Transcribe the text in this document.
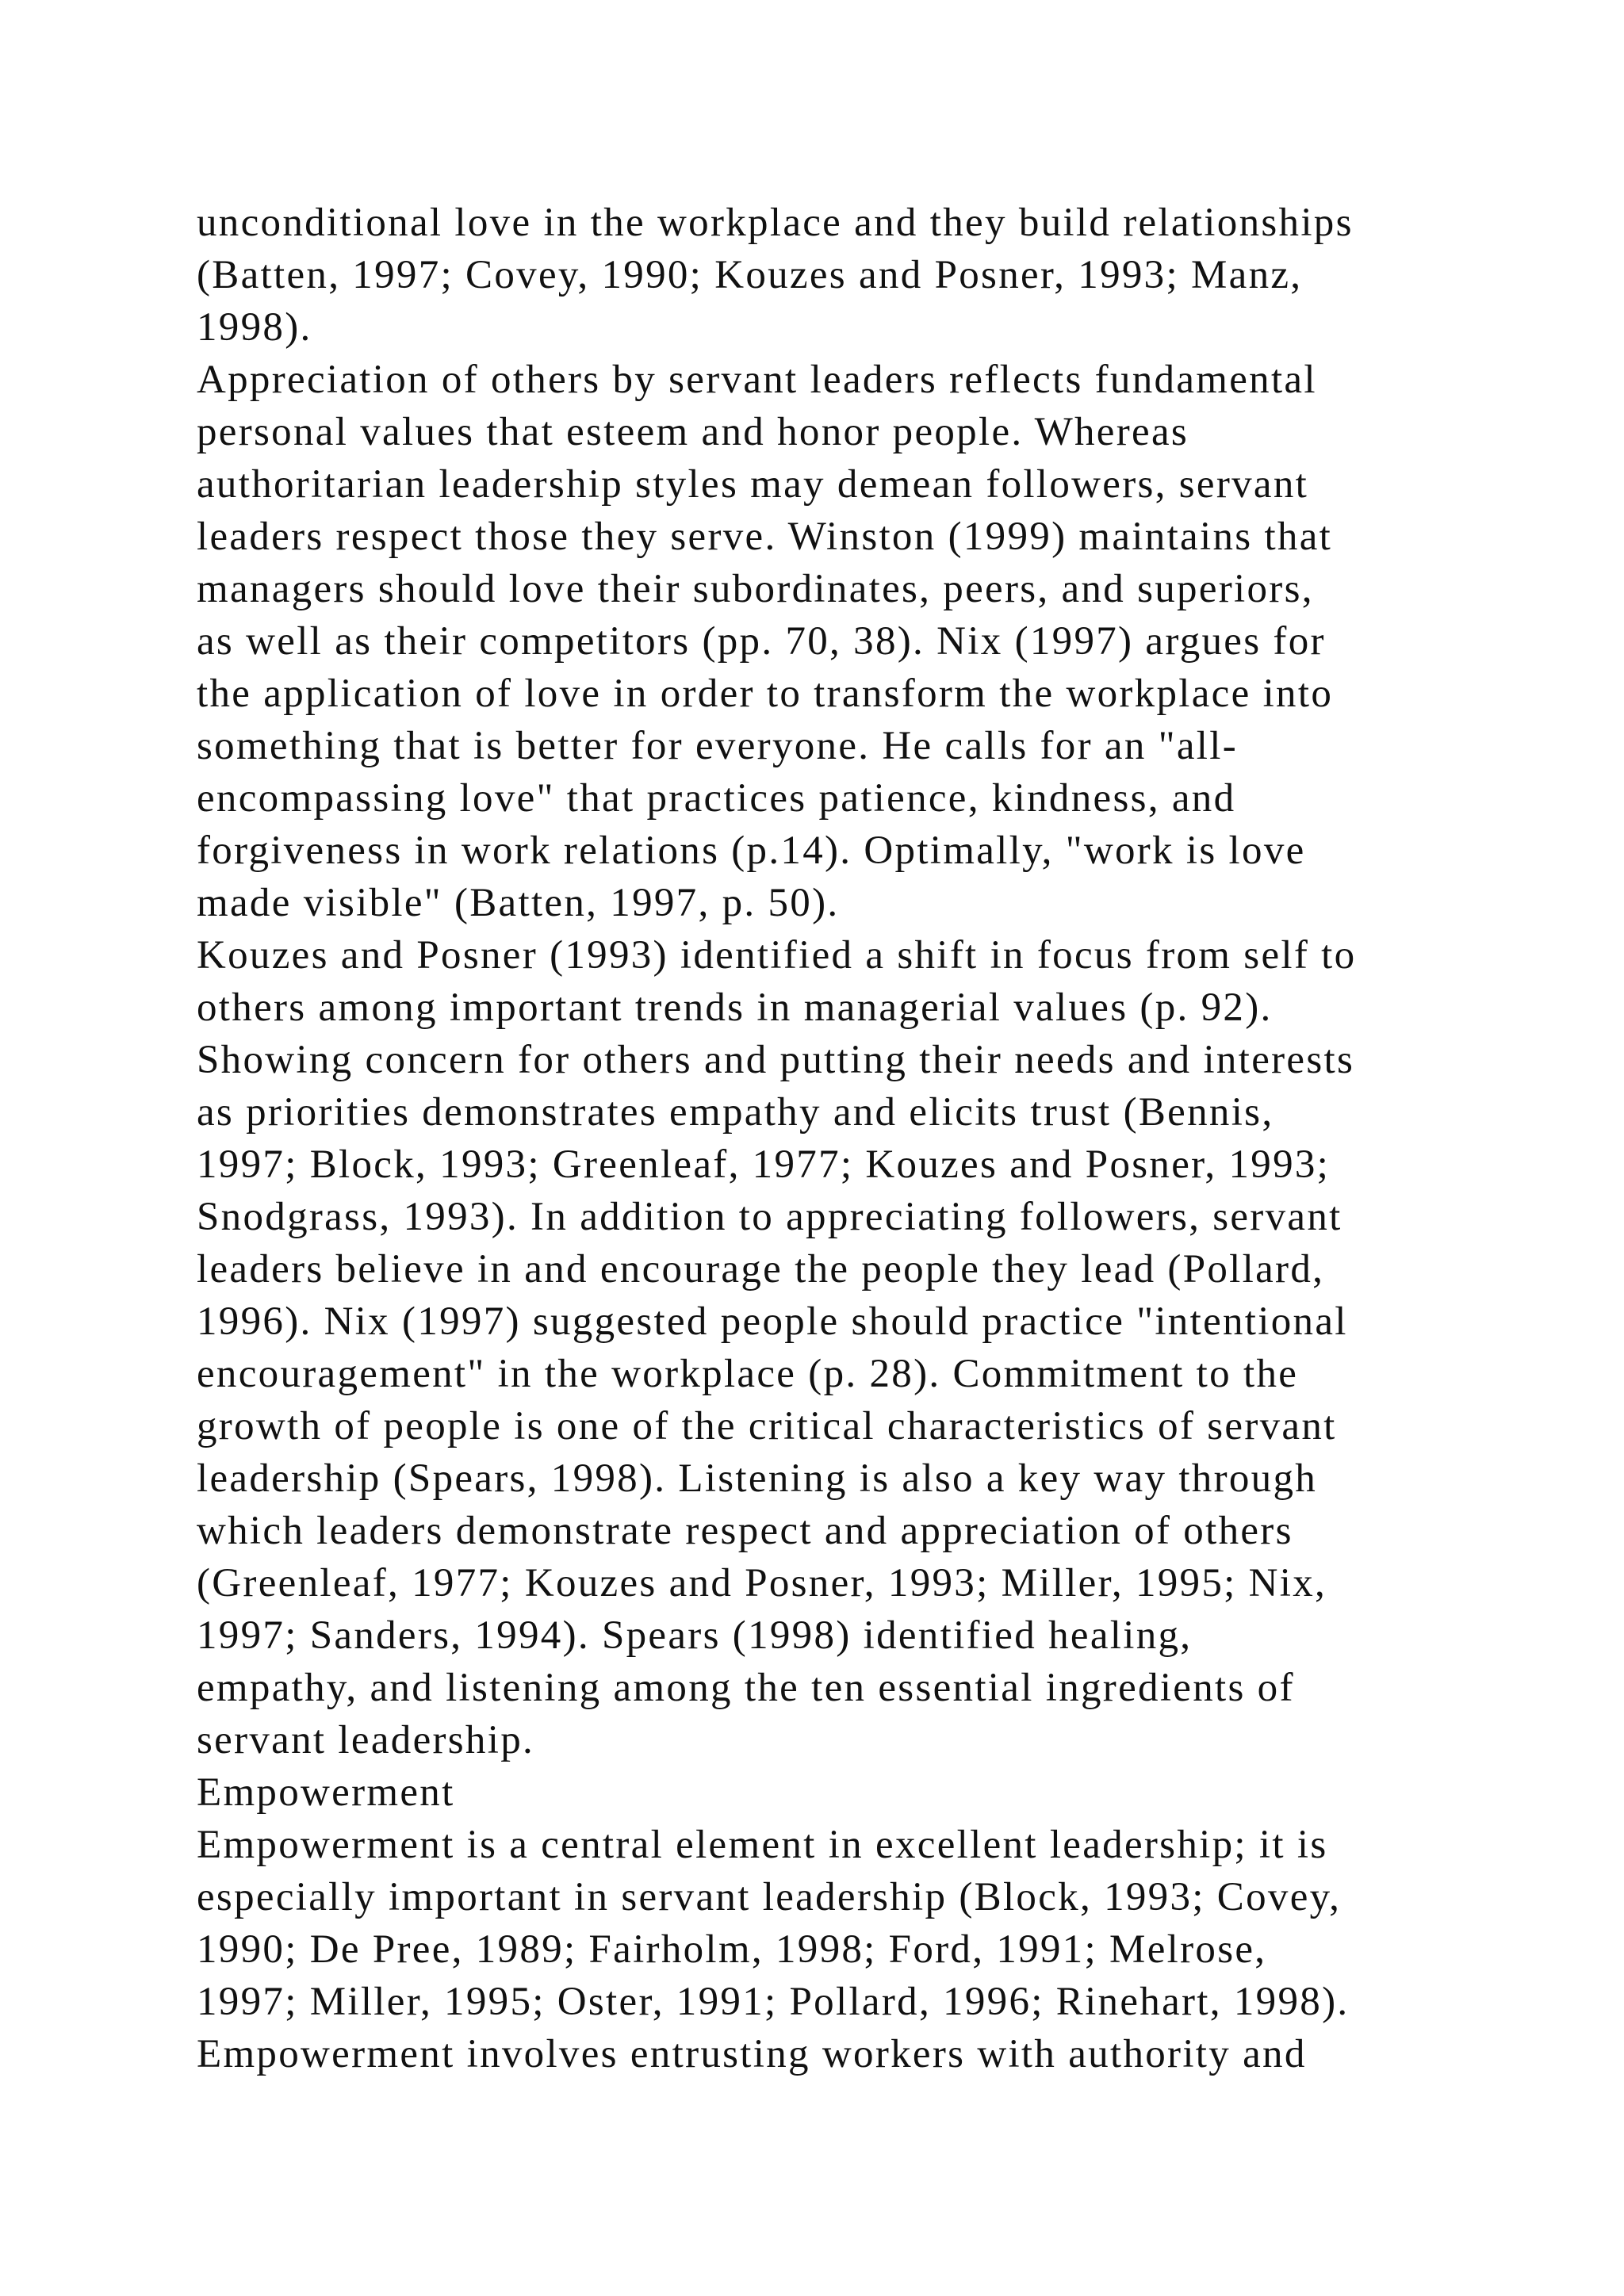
unconditional love in the workplace and they build relationships
(Batten, 1997; Covey, 1990; Kouzes and Posner, 1993; Manz,
1998).
Appreciation of others by servant leaders reflects fundamental
personal values that esteem and honor people. Whereas
authoritarian leadership styles may demean followers, servant
leaders respect those they serve. Winston (1999) maintains that
managers should love their subordinates, peers, and superiors,
as well as their competitors (pp. 70, 38). Nix (1997) argues for
the application of love in order to transform the workplace into
something that is better for everyone. He calls for an "all-
encompassing love" that practices patience, kindness, and
forgiveness in work relations (p.14). Optimally, "work is love
made visible" (Batten, 1997, p. 50).
Kouzes and Posner (1993) identified a shift in focus from self to
others among important trends in managerial values (p. 92).
Showing concern for others and putting their needs and interests
as priorities demonstrates empathy and elicits trust (Bennis,
1997; Block, 1993; Greenleaf, 1977; Kouzes and Posner, 1993;
Snodgrass, 1993). In addition to appreciating followers, servant
leaders believe in and encourage the people they lead (Pollard,
1996). Nix (1997) suggested people should practice "intentional
encouragement" in the workplace (p. 28). Commitment to the
growth of people is one of the critical characteristics of servant
leadership (Spears, 1998). Listening is also a key way through
which leaders demonstrate respect and appreciation of others
(Greenleaf, 1977; Kouzes and Posner, 1993; Miller, 1995; Nix,
1997; Sanders, 1994). Spears (1998) identified healing,
empathy, and listening among the ten essential ingredients of
servant leadership.
Empowerment
Empowerment is a central element in excellent leadership; it is
especially important in servant leadership (Block, 1993; Covey,
1990; De Pree, 1989; Fairholm, 1998; Ford, 1991; Melrose,
1997; Miller, 1995; Oster, 1991; Pollard, 1996; Rinehart, 1998).
Empowerment involves entrusting workers with authority and
